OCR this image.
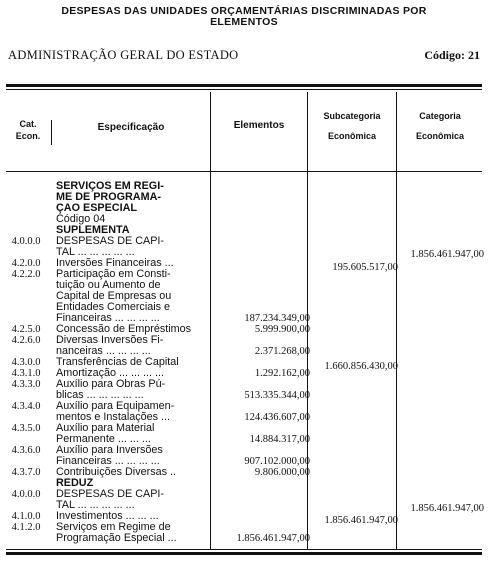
DESPESAS DAS UNIDADES ORÇAMENTÁRIAS DISCRIMINADAS POR
ELEMENTOS
ADMINISTRAÇÃO GERAL DO ESTADO	Código: 21
Cat.
Econ.
Especificação	Elementos
Subcategoria
Econômica
Categoria
Econômica
SERVIÇOS EM REGI-
ME DE PROGRAMA-
ÇÃO ESPECIAL
Código 04
SUPLEMENTA
DESPESAS DE CAPI-
TAL ... ... ... ... ...
Inversões Financeiras ...
Participação em Consti-
tuição ou Aumento de
Capital de Empresas ou
Entidades Comerciais e
Financeiras ... ... ... ...
Concessão de Empréstimos
Diversas Inversões Fi-
nanceiras ... ... ... ...
Transferências de Capital
Amortização ... ... ... ...
Auxílio para Obras Pú-
blicas ... ... ... ... ...
Auxílio para Equipamen-
mentos e Instalações ...
Auxílio para Material
Permanente ... ... ...
Auxílio para Inversões
Financeiras ... ... ... ...
Contribuições Diversas ..
REDUZ
DESPESAS DE CAPI-
TAL ... ... ... ... ...
Investimentos ... ... ...
Serviços em Regime de
Programação Especial ...
4.0.0.0
4.2.0.0
4.2.2.0
4.2.5.0
4.2.6.0
4.3.0.0
4.3.1.0
4.3.3.0
4.3.4.0
4.3.5.0
4.3.6.0
4.3.7.0
4.0.0.0
4.1.0.0
4.1.2.0
187.234.349,00
5.999.900,00
2.371.268,00
1.292.162,00
513.335.344,00
124.436.607,00
14.884.317,00
907.102.000,00
9.806.000,00
1.856.461.947,00
195.605.517,00
1.660.856.430,00
1.856.461.947,00
1.856.461.947,00
1.856.461.947,00
